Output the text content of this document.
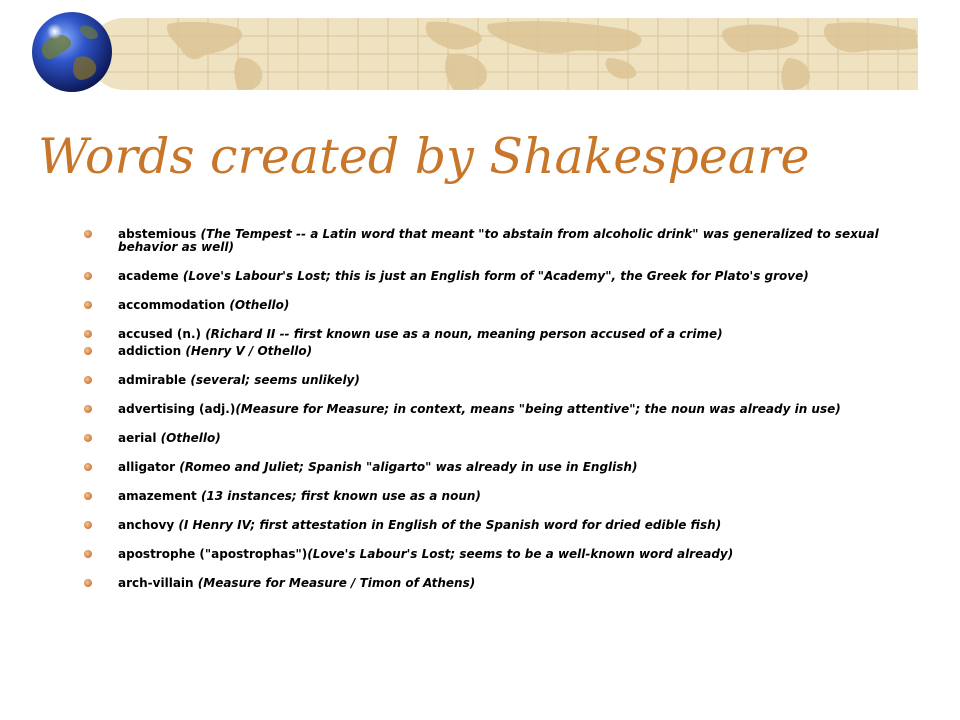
Words created by Shakespeare
abstemious (The Tempest -- a Latin word that meant "to abstain from alcoholic drink" was generalized to sexual behavior as well)
academe (Love's Labour's Lost; this is just an English form of "Academy", the Greek for Plato's grove)
accommodation (Othello)
accused (n.) (Richard II -- first known use as a noun, meaning person accused of a crime)
addiction (Henry V / Othello)
admirable (several; seems unlikely)
advertising (adj.)(Measure for Measure; in context, means "being attentive"; the noun was already in use)
aerial (Othello)
alligator (Romeo and Juliet; Spanish "aligarto" was already in use in English)
amazement (13 instances; first known use as a noun)
anchovy (I Henry IV; first attestation in English of the Spanish word for dried edible fish)
apostrophe ("apostrophas")(Love's Labour's Lost; seems to be a well-known word already)
arch-villain (Measure for Measure / Timon of Athens)
